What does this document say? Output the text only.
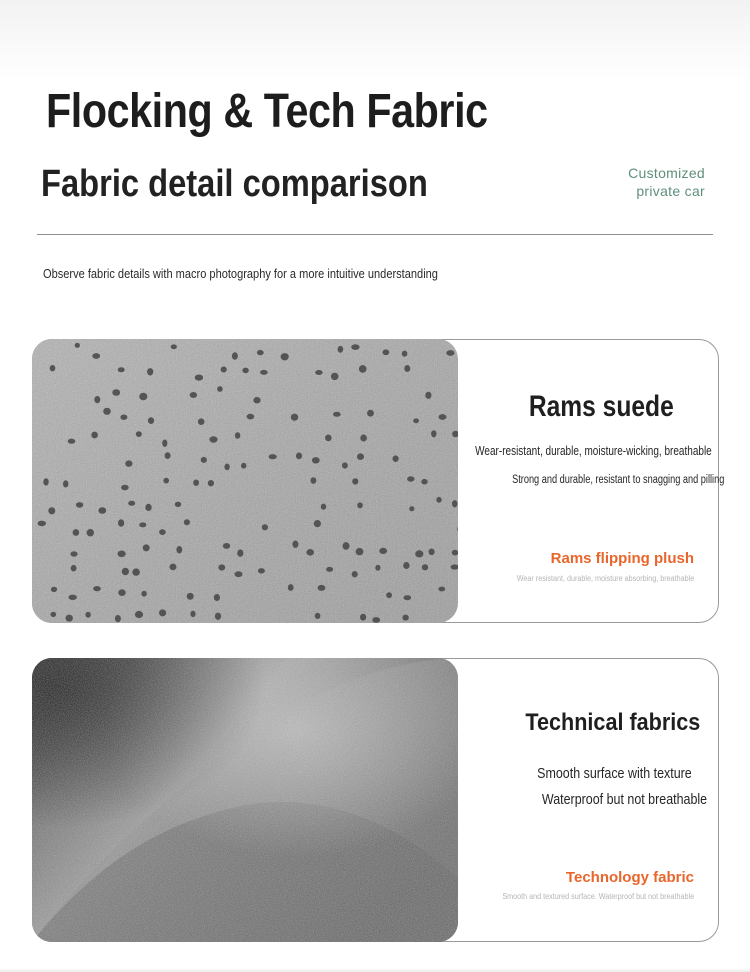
Flocking & Tech Fabric
Fabric detail comparison	Customized
private car
Observe fabric details with macro photography for a more intuitive understanding
Rams suede
Wear-resistant, durable, moisture-wicking, breathable
Strong and durable, resistant to snagging and pilling
Rams flipping plush
Wear resistant, durable, moisture absorbing, breathable
Technical fabrics
Smooth surface with texture
Waterproof but not breathable
Technology fabric
Smooth and textured surface. Waterproof but not breathable
